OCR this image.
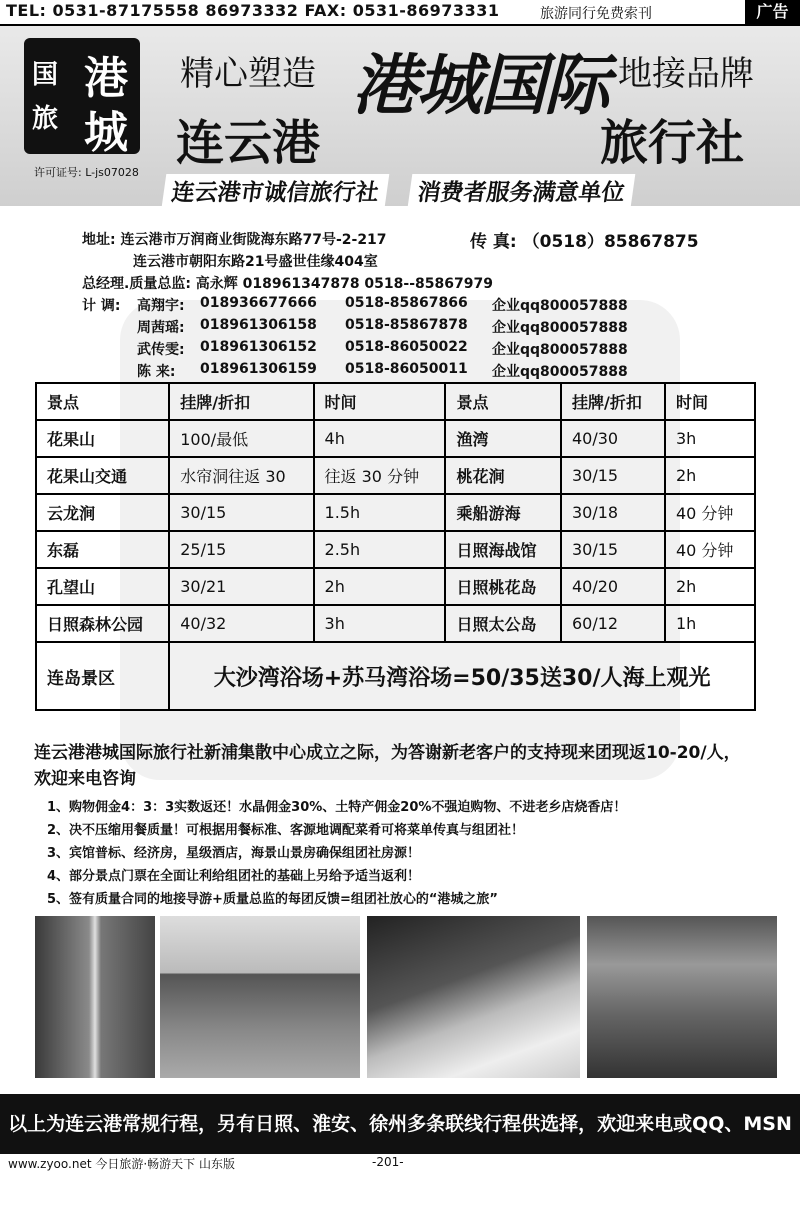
TEL: 0531-87175558 86973332 FAX: 0531-86973331	旅游同行免费索刊	广告
港
城
国
旅
许可证号: L-js07028
精心塑造	地接品牌
港城国际
连云港	旅行社
连云港市诚信旅行社	消费者服务满意单位
地址: 连云港市万润商业街陇海东路77号-2-217	传 真: （0518）85867875
连云港市朝阳东路21号盛世佳缘404室
总经理.质量总监: 高永辉 018961347878 0518--85867979
计 调: 高翔宇: 018936677666 0518-85867866 企业qq800057888
周茜瑶: 018961306158 0518-85867878 企业qq800057888
武传雯: 018961306152 0518-86050022 企业qq800057888
陈 来: 018961306159 0518-86050011 企业qq800057888
景点	挂牌/折扣	时间	景点	挂牌/折扣	时间
花果山	100/最低	4h	渔湾	40/30	3h
花果山交通	水帘洞往返 30	往返 30 分钟	桃花涧	30/15	2h
云龙涧	30/15	1.5h	乘船游海	30/18	40 分钟
东磊	25/15	2.5h	日照海战馆	30/15	40 分钟
孔望山	30/21	2h	日照桃花岛	40/20	2h
日照森林公园	40/32	3h	日照太公岛	60/12	1h
连岛景区	大沙湾浴场+苏马湾浴场=50/35送30/人海上观光				
连云港港城国际旅行社新浦集散中心成立之际，为答谢新老客户的支持现来团现返10-20/人，欢迎来电咨询
1、购物佣金4：3：3实数返还！水晶佣金30%、土特产佣金20%不强迫购物、不进老乡店烧香店！
2、决不压缩用餐质量！可根据用餐标准、客源地调配菜肴可将菜单传真与组团社！
3、宾馆普标、经济房，星级酒店，海景山景房确保组团社房源！
4、部分景点门票在全面让利给组团社的基础上另给予适当返利！
5、签有质量合同的地接导游+质量总监的每团反馈=组团社放心的“港城之旅”
以上为连云港常规行程，另有日照、淮安、徐州多条联线行程供选择，欢迎来电或QQ、MSN咨询！
www.zyoo.net 今日旅游·畅游天下 山东版	-201-
